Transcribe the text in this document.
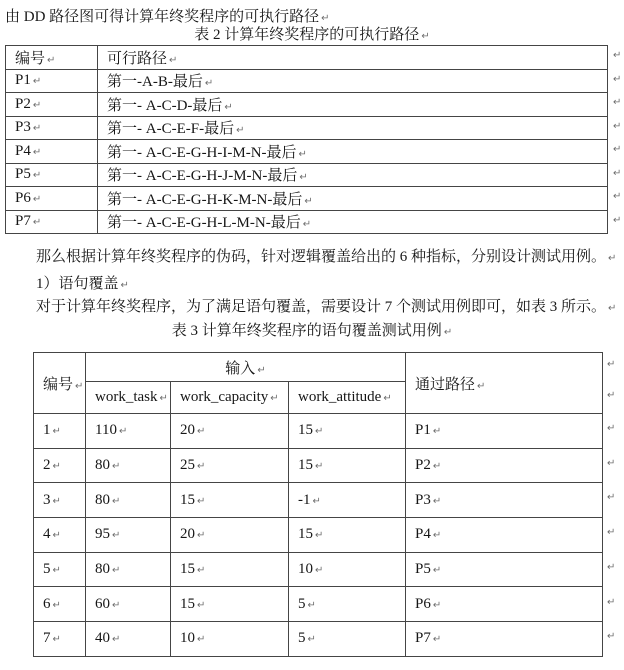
由 DD 路径图可得计算年终奖程序的可执行路径 ↵
表 2 计算年终奖程序的可执行路径 ↵
编号 ↵	可行路径 ↵
P1 ↵	第一-A-B-最后 ↵
P2 ↵	第一- A-C-D-最后 ↵
P3 ↵	第一- A-C-E-F-最后 ↵
P4 ↵	第一- A-C-E-G-H-I-M-N-最后 ↵
P5 ↵	第一- A-C-E-G-H-J-M-N-最后 ↵
P6 ↵	第一- A-C-E-G-H-K-M-N-最后 ↵
P7 ↵	第一- A-C-E-G-H-L-M-N-最后 ↵
那么根据计算年终奖程序的伪码，针对逻辑覆盖给出的 6 种指标，分别设计测试用例。 ↵
1）语句覆盖 ↵
对于计算年终奖程序，为了满足语句覆盖，需要设计 7 个测试用例即可，如表 3 所示。 ↵
表 3 计算年终奖程序的语句覆盖测试用例 ↵
编号 ↵	输入 ↵			通过路径 ↵
	work_task ↵	work_capacity ↵	work_attitude ↵	
1 ↵	110 ↵	20 ↵	15 ↵	P1 ↵
2 ↵	80 ↵	25 ↵	15 ↵	P2 ↵
3 ↵	80 ↵	15 ↵	-1 ↵	P3 ↵
4 ↵	95 ↵	20 ↵	15 ↵	P4 ↵
5 ↵	80 ↵	15 ↵	10 ↵	P5 ↵
6 ↵	60 ↵	15 ↵	5 ↵	P6 ↵
7 ↵	40 ↵	10 ↵	5 ↵	P7 ↵
↵
↵
↵
↵
↵
↵
↵
↵
↵
↵
↵
↵
↵
↵
↵
↵
↵
